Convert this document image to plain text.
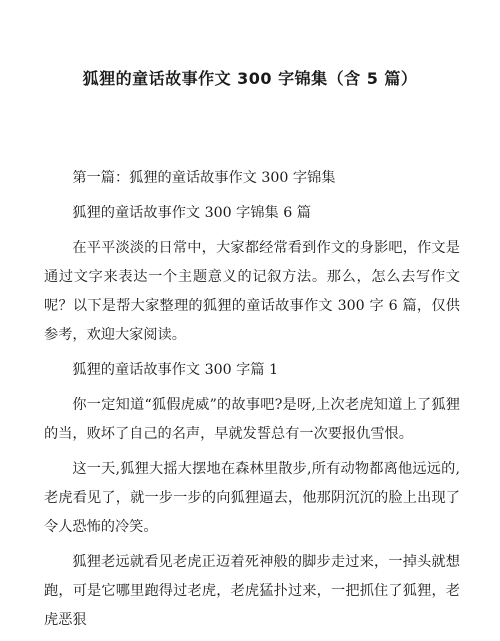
狐狸的童话故事作文 300 字锦集（含 5 篇）

第一篇：狐狸的童话故事作文 300 字锦集

狐狸的童话故事作文 300 字锦集 6 篇

在平平淡淡的日常中，大家都经常看到作文的身影吧，作文是通过文字来表达一个主题意义的记叙方法。那么，怎么去写作文呢？以下是帮大家整理的狐狸的童话故事作文 300 字 6 篇，仅供参考，欢迎大家阅读。

狐狸的童话故事作文 300 字篇 1

你一定知道“狐假虎威”的故事吧?是呀,上次老虎知道上了狐狸的当，败坏了自己的名声，早就发誓总有一次要报仇雪恨。

这一天,狐狸大摇大摆地在森林里散步,所有动物都离他远远的,老虎看见了，就一步一步的向狐狸逼去，他那阴沉沉的脸上出现了令人恐怖的冷笑。

狐狸老远就看见老虎正迈着死神般的脚步走过来，一掉头就想跑，可是它哪里跑得过老虎，老虎猛扑过来，一把抓住了狐狸，老虎恶狠
